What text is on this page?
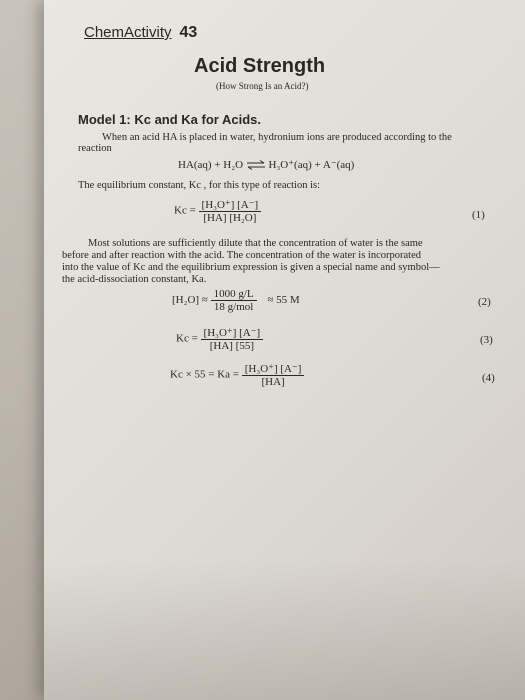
ChemActivity 43
Acid Strength
(How Strong Is an Acid?)
Model 1: Kc and Ka for Acids.
When an acid HA is placed in water, hydronium ions are produced according to the
reaction
HA(aq) + H₂O ⇌ H₃O⁺(aq) + A⁻(aq)
The equilibrium constant, Kc , for this type of reaction is:
$Kc = \frac{\text{[H₃O⁺] [A⁻]}}{\text{[HA] [H₂O]}}$	(1)
Most solutions are sufficiently dilute that the concentration of water is the same
before and after reaction with the acid. The concentration of the water is incorporated
into the value of Kc and the equilibrium expression is given a special name and symbol—
the acid-dissociation constant, Ka.
$[H_2O] \approx \frac{1000 g/L}{\text{18 g/mol}} \approx 55$ M	(2)
$Kc = \frac{\text{[H₃O⁺] [A⁻]}}{[HA] [55]}$	(3)
$Kc \times 55 = Ka = \frac{\text{[H₃O⁺] [A⁻]}}{[HA]}$	(4)
